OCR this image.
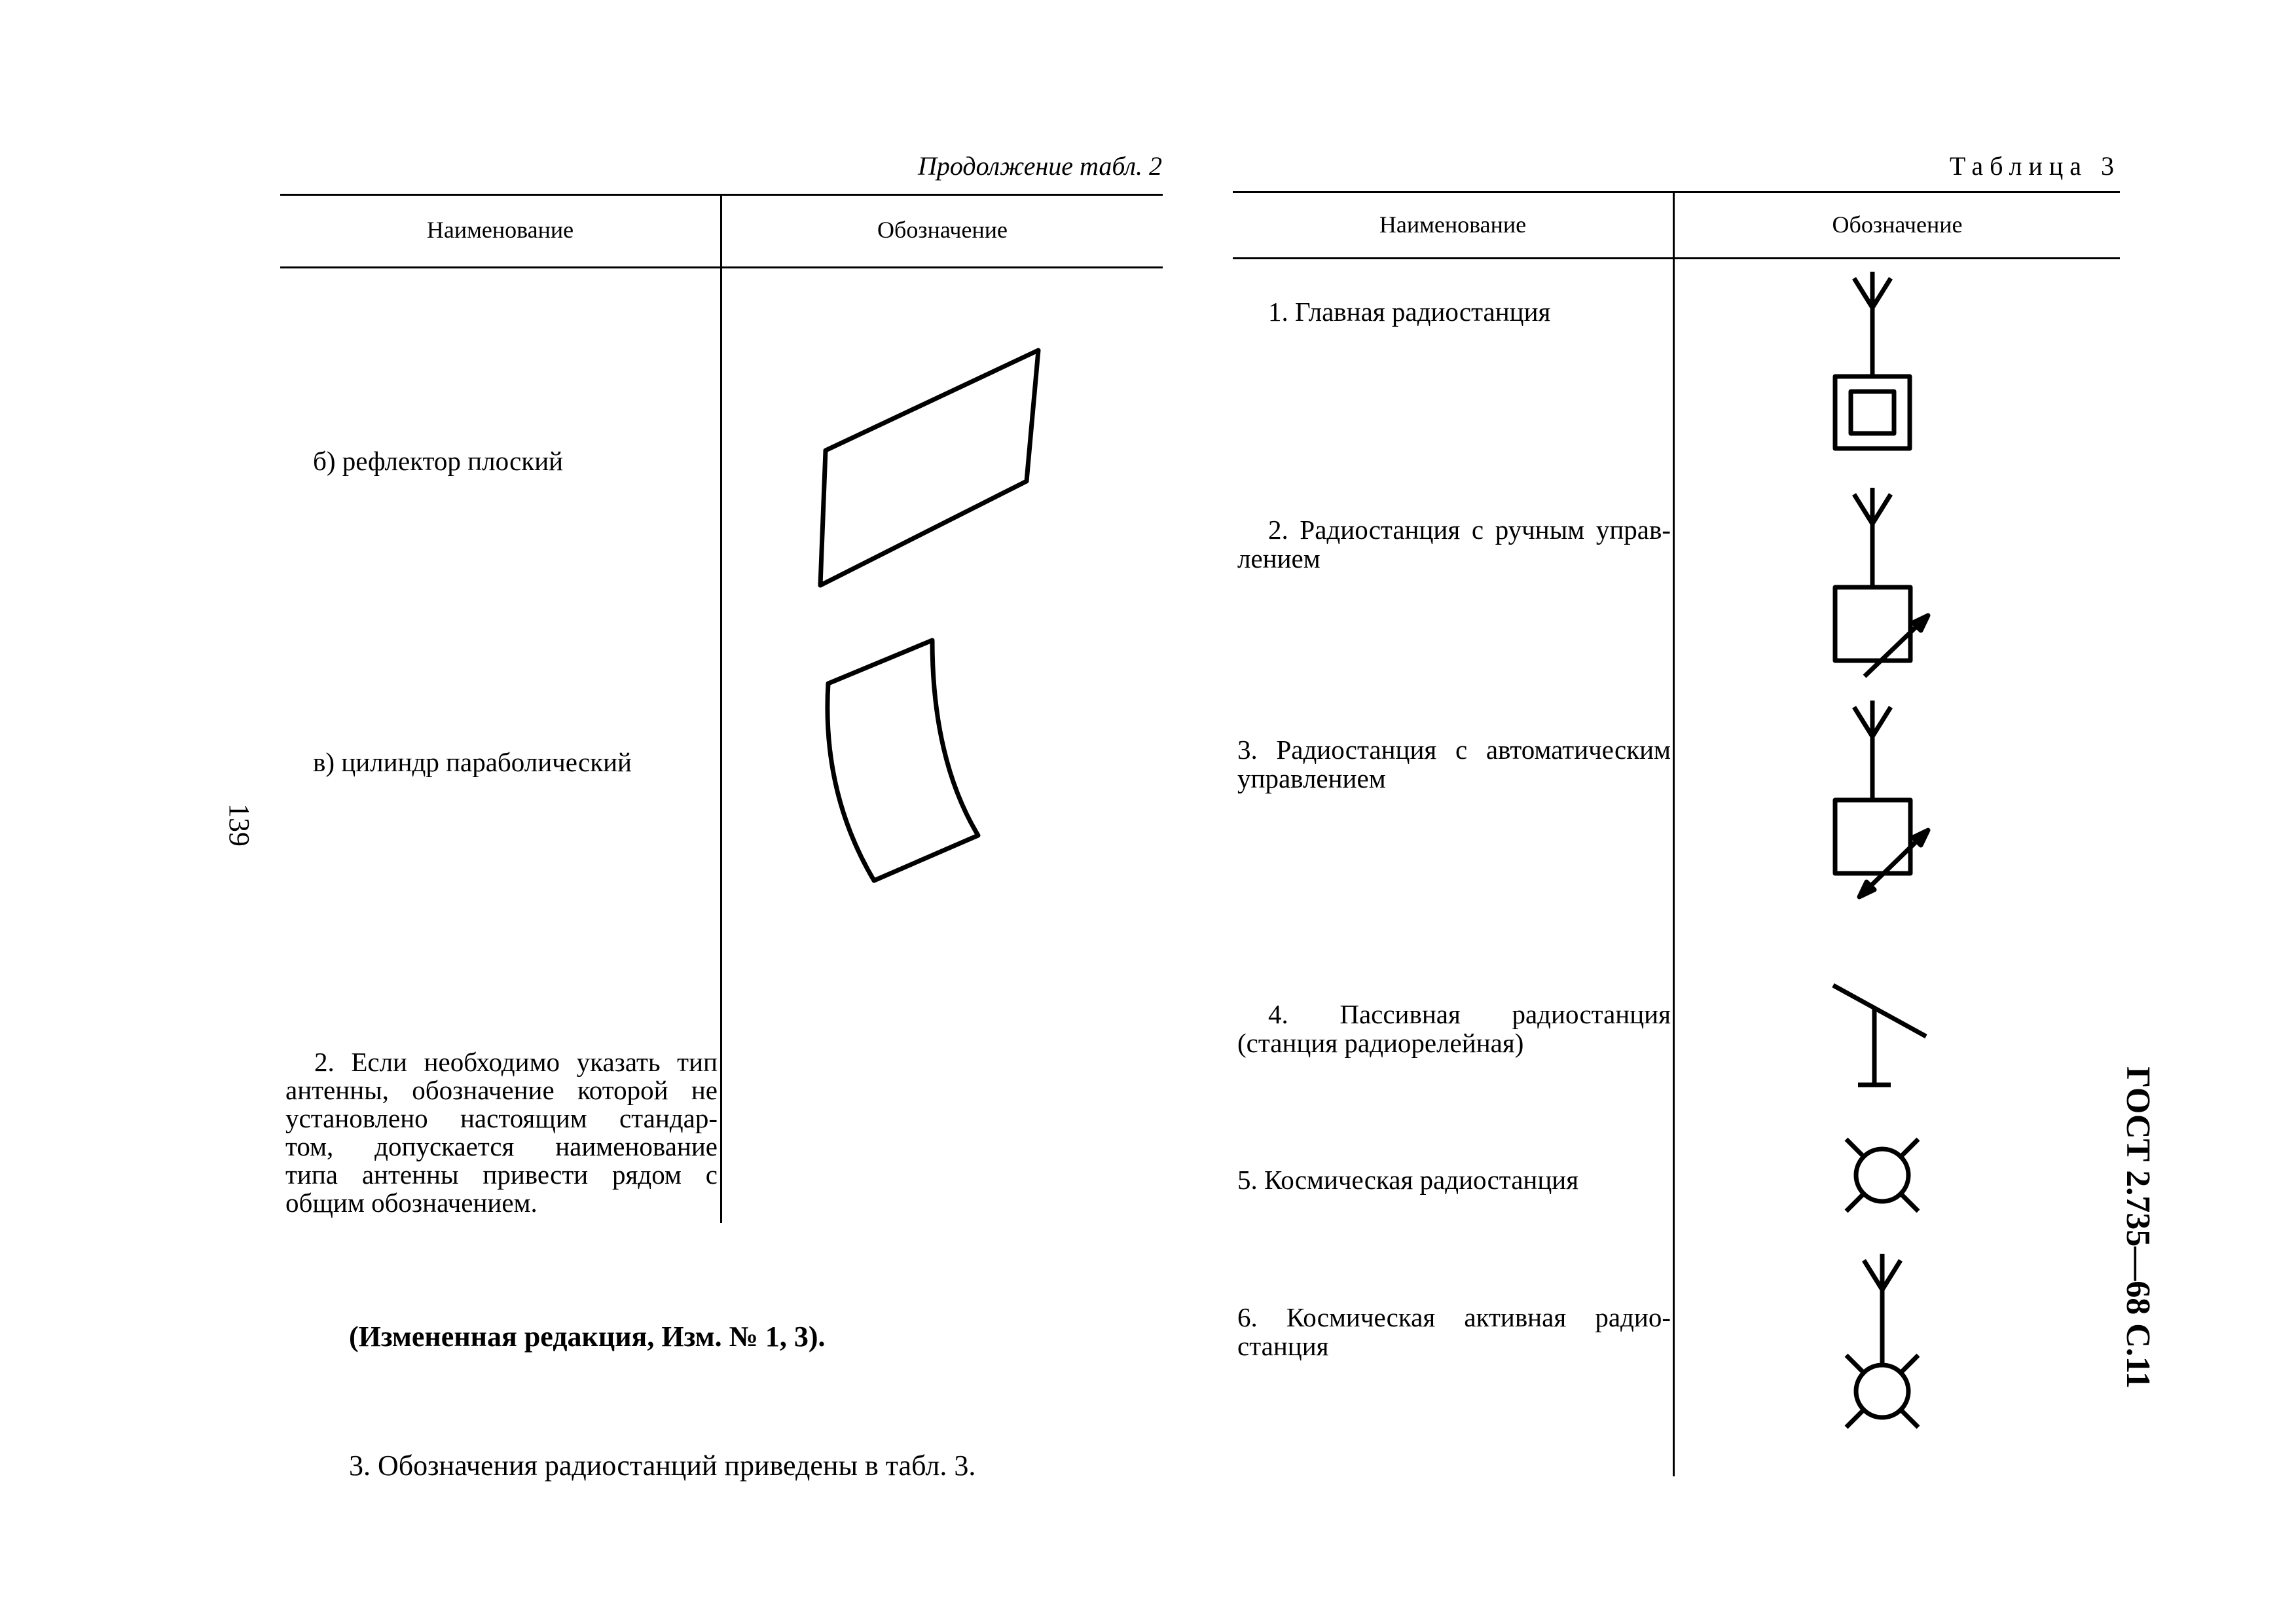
Продолжение табл. 2
Наименование	Обозначение
б) рефлектор плоский
в) цилиндр параболический
2. Если необходимо указать тип
антенны, обозначение которой не
установлено настоящим стандар-
том, допускается наименование
типа антенны привести рядом с
общим обозначением.
(Измененная редакция, Изм. № 1, 3).
3. Обозначения радиостанций приведены в табл. 3.
139
Таблица 3
Наименование	Обозначение
1. Главная радиостанция
2. Радиостанция с ручным управ-
лением
3. Радиостанция с автоматическим
управлением
4. Пассивная радиостанция
(станция радиорелейная)
5. Космическая радиостанция
6. Космическая активная радио-
станция	ГОСТ 2.735—68 С.11
